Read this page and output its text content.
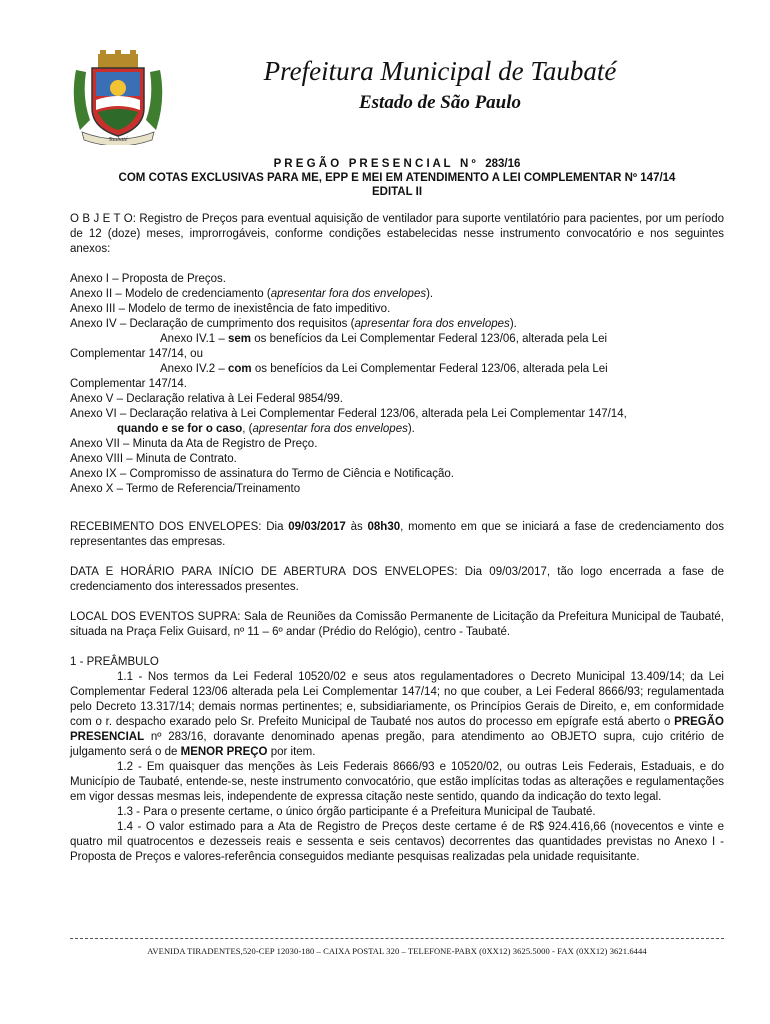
Taubaté
Prefeitura Municipal de Taubaté
Estado de São Paulo
P R E G Ã O   P R E S E N C I A L   N º   283/16
COM COTAS EXCLUSIVAS PARA ME, EPP E MEI EM ATENDIMENTO A LEI COMPLEMENTAR Nº 147/14
EDITAL II

O B J E T O: Registro de Preços para eventual aquisição de ventilador para suporte ventilatório para pacientes, por um período de 12 (doze) meses, improrrogáveis, conforme condições estabelecidas nesse instrumento convocatório e nos seguintes anexos:

Anexo I – Proposta de Preços.

Anexo II – Modelo de credenciamento (apresentar fora dos envelopes).

Anexo III – Modelo de termo de inexistência de fato impeditivo.

Anexo IV – Declaração de cumprimento dos requisitos (apresentar fora dos envelopes).

Anexo IV.1 – sem os benefícios da Lei Complementar Federal 123/06, alterada pela Lei

Complementar 147/14, ou

Anexo IV.2 – com os benefícios da Lei Complementar Federal 123/06, alterada pela Lei

Complementar 147/14.

Anexo V – Declaração relativa à Lei Federal 9854/99.

Anexo VI – Declaração relativa à Lei Complementar Federal 123/06, alterada pela Lei Complementar 147/14,

quando e se for o caso, (apresentar fora dos envelopes).

Anexo VII – Minuta da Ata de Registro de Preço.

Anexo VIII – Minuta de Contrato.

Anexo IX – Compromisso de assinatura do Termo de Ciência e Notificação.

Anexo X – Termo de Referencia/Treinamento

RECEBIMENTO DOS ENVELOPES: Dia 09/03/2017 às 08h30, momento em que se iniciará a fase de credenciamento dos representantes das empresas.

DATA E HORÁRIO PARA INÍCIO DE ABERTURA DOS ENVELOPES: Dia 09/03/2017, tão logo encerrada a fase de credenciamento dos interessados presentes.

LOCAL DOS EVENTOS SUPRA: Sala de Reuniões da Comissão Permanente de Licitação da Prefeitura Municipal de Taubaté, situada na Praça Felix Guisard, nº 11 – 6º andar (Prédio do Relógio), centro - Taubaté.

1 - PREÂMBULO

1.1 - Nos termos da Lei Federal 10520/02 e seus atos regulamentadores o Decreto Municipal 13.409/14; da Lei Complementar Federal 123/06 alterada pela Lei Complementar 147/14; no que couber, a Lei Federal 8666/93; regulamentada pelo Decreto 13.317/14; demais normas pertinentes; e, subsidiariamente, os Princípios Gerais de Direito, e, em conformidade com o r. despacho exarado pelo Sr. Prefeito Municipal de Taubaté nos autos do processo em epígrafe está aberto o PREGÃO PRESENCIAL nº 283/16, doravante denominado apenas pregão, para atendimento ao OBJETO supra, cujo critério de julgamento será o de MENOR PREÇO por item.

1.2 - Em quaisquer das menções às Leis Federais 8666/93 e 10520/02, ou outras Leis Federais, Estaduais, e do Município de Taubaté, entende-se, neste instrumento convocatório, que estão implícitas todas as alterações e regulamentações em vigor dessas mesmas leis, independente de expressa citação neste sentido, quando da indicação do texto legal.

1.3 - Para o presente certame, o único órgão participante é a Prefeitura Municipal de Taubaté.

1.4 - O valor estimado para a Ata de Registro de Preços deste certame é de R$ 924.416,66 (novecentos e vinte e quatro mil quatrocentos e dezesseis reais e sessenta e seis centavos) decorrentes das quantidades previstas no Anexo I - Proposta de Preços e valores-referência conseguidos mediante pesquisas realizadas pela unidade requisitante.

AVENIDA TIRADENTES,520-CEP 12030-180 – CAIXA POSTAL 320 – TELEFONE-PABX (0XX12) 3625.5000 - FAX (0XX12) 3621.6444
